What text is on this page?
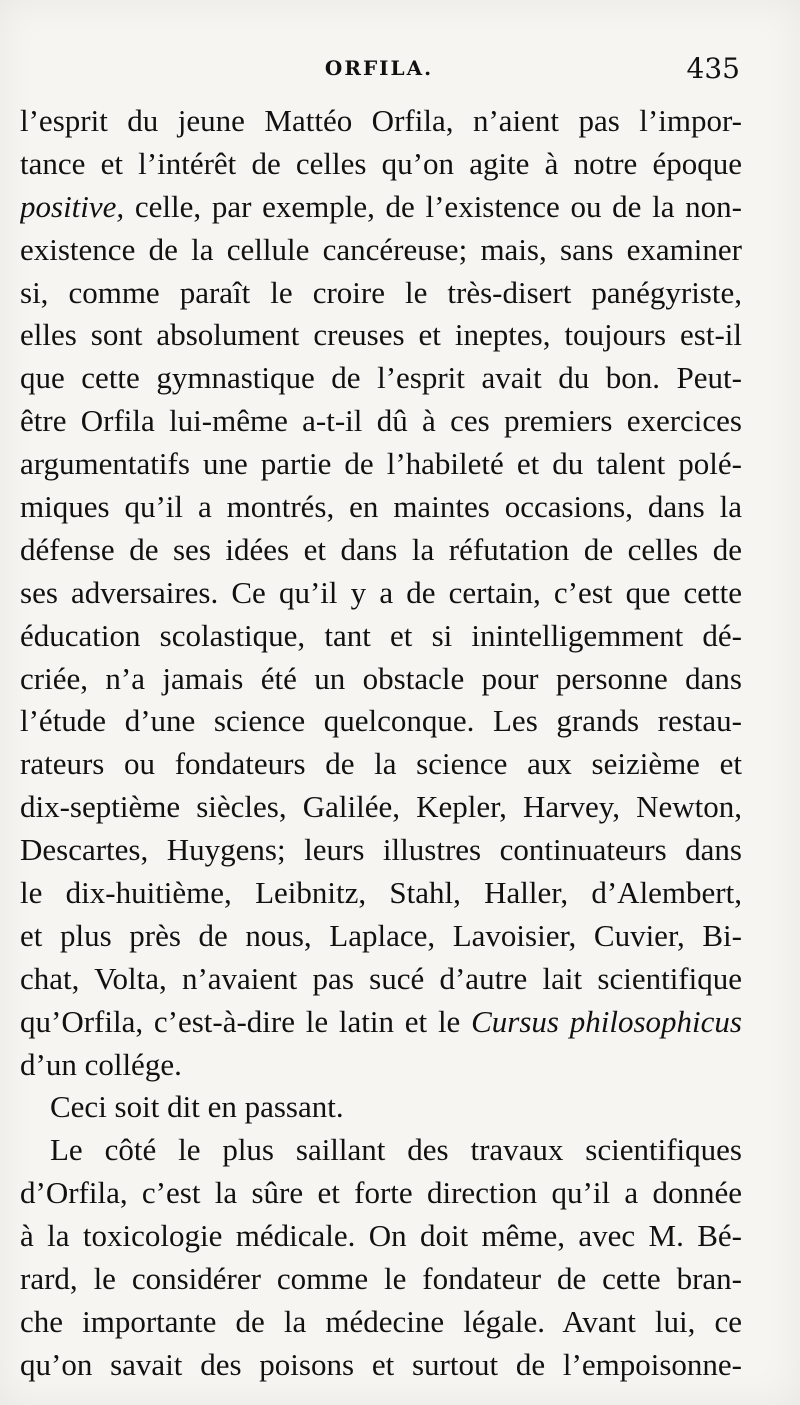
ORFILA.	435
l’esprit du jeune Mattéo Orfila, n’aient pas l’impor-
tance et l’intérêt de celles qu’on agite à notre époque
positive, celle, par exemple, de l’existence ou de la non-
existence de la cellule cancéreuse; mais, sans examiner
si, comme paraît le croire le très-disert panégyriste,
elles sont absolument creuses et ineptes, toujours est-il
que cette gymnastique de l’esprit avait du bon. Peut-
être Orfila lui-même a-t-il dû à ces premiers exercices
argumentatifs une partie de l’habileté et du talent polé-
miques qu’il a montrés, en maintes occasions, dans la
défense de ses idées et dans la réfutation de celles de
ses adversaires. Ce qu’il y a de certain, c’est que cette
éducation scolastique, tant et si inintelligemment dé-
criée, n’a jamais été un obstacle pour personne dans
l’étude d’une science quelconque. Les grands restau-
rateurs ou fondateurs de la science aux seizième et
dix-septième siècles, Galilée, Kepler, Harvey, Newton,
Descartes, Huygens; leurs illustres continuateurs dans
le dix-huitième, Leibnitz, Stahl, Haller, d’Alembert,
et plus près de nous, Laplace, Lavoisier, Cuvier, Bi-
chat, Volta, n’avaient pas sucé d’autre lait scientifique
qu’Orfila, c’est-à-dire le latin et le Cursus philosophicus
d’un collége.
Ceci soit dit en passant.
Le côté le plus saillant des travaux scientifiques
d’Orfila, c’est la sûre et forte direction qu’il a donnée
à la toxicologie médicale. On doit même, avec M. Bé-
rard, le considérer comme le fondateur de cette bran-
che importante de la médecine légale. Avant lui, ce
qu’on savait des poisons et surtout de l’empoisonne-
